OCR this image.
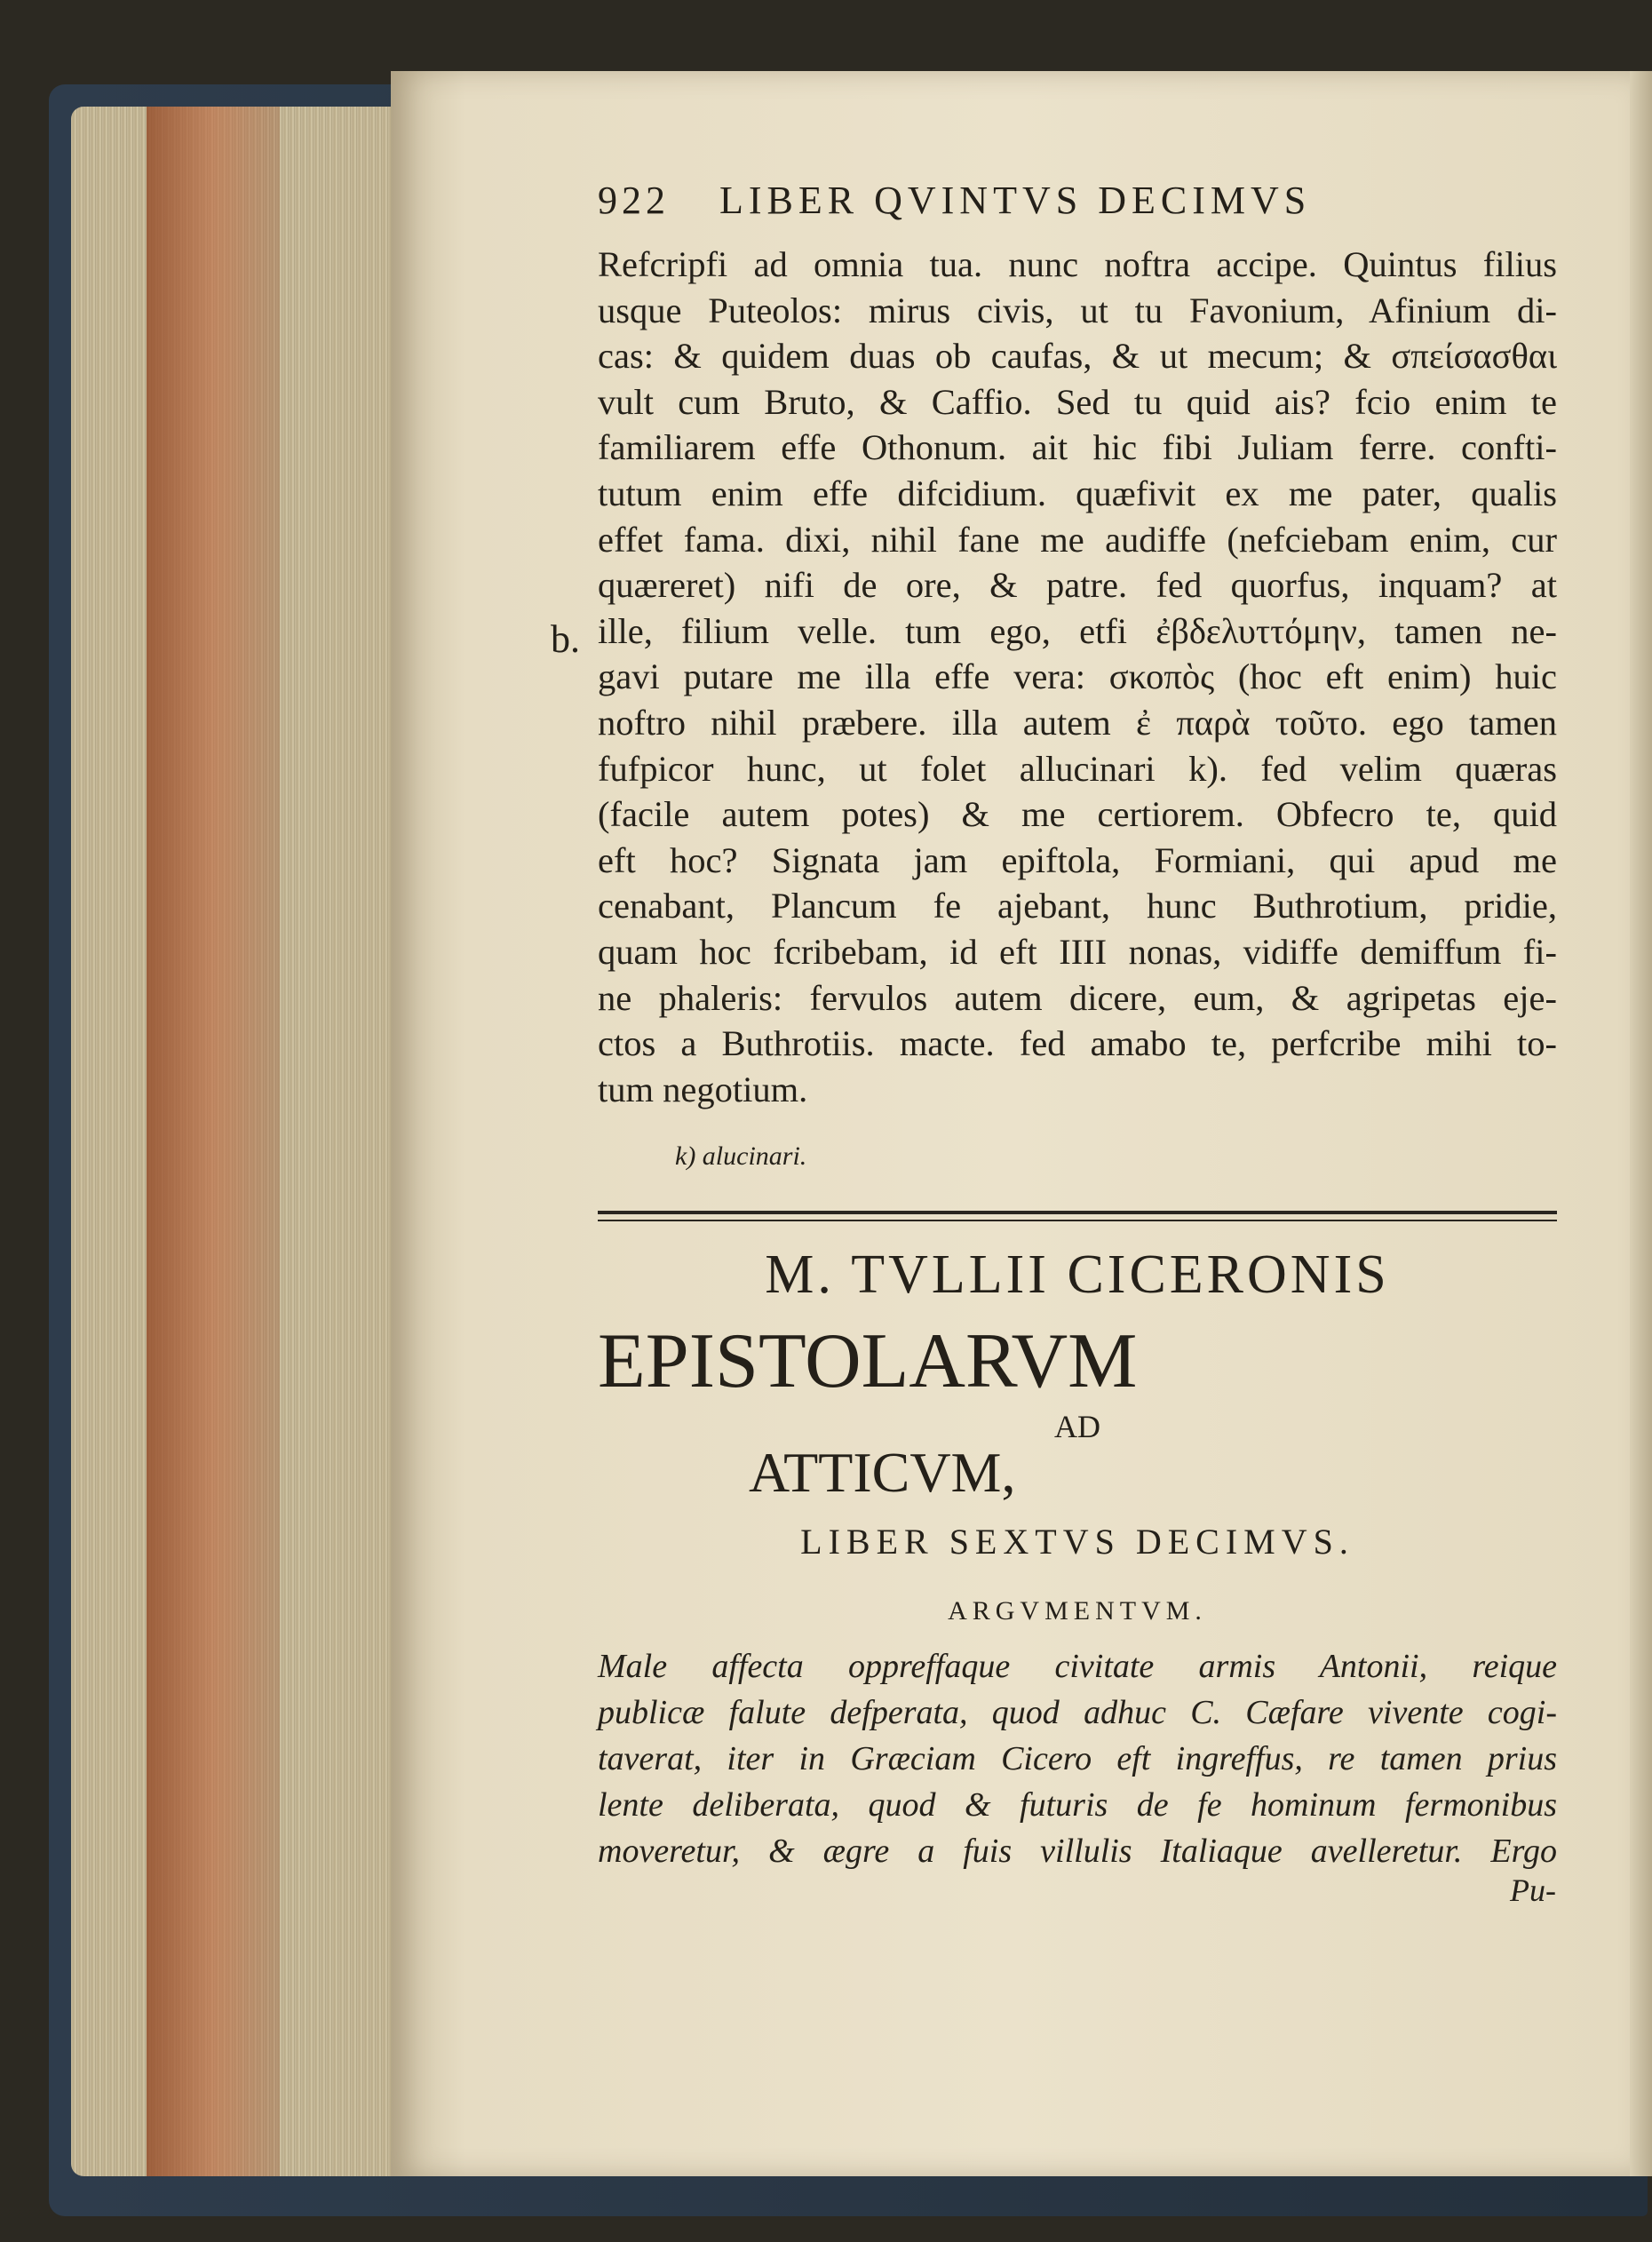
922 LIBER QVINTVS DECIMVS
Refcripfi ad omnia tua. nunc noftra accipe. Quintus filius
usque Puteolos: mirus civis, ut tu Favonium, Afinium di-
cas: & quidem duas ob caufas, & ut mecum; & σπείσασθαι
vult cum Bruto, & Caffio. Sed tu quid ais? fcio enim te
familiarem effe Othonum. ait hic fibi Juliam ferre. confti-
tutum enim effe difcidium. quæfivit ex me pater, qualis
effet fama. dixi, nihil fane me audiffe (nefciebam enim, cur
quæreret) nifi de ore, & patre. fed quorfus, inquam? at
ille, filium velle. tum ego, etfi ἐβδελυττόμην, tamen ne-
gavi putare me illa effe vera: σκοπὸς (hoc eft enim) huic
noftro nihil præbere. illa autem ἐ παρὰ τοῦτο. ego tamen
fufpicor hunc, ut folet allucinari k). fed velim quæras
(facile autem potes) & me certiorem. Obfecro te, quid
eft hoc? Signata jam epiftola, Formiani, qui apud me
cenabant, Plancum fe ajebant, hunc Buthrotium, pridie,
quam hoc fcribebam, id eft IIII nonas, vidiffe demiffum fi-
ne phaleris: fervulos autem dicere, eum, & agripetas eje-
ctos a Buthrotiis. macte. fed amabo te, perfcribe mihi to-
tum negotium.
b.
k) alucinari.
M. TVLLII CICERONIS
EPISTOLARVM
AD
ATTICVM,
LIBER SEXTVS DECIMVS.
ARGVMENTVM.
Male affecta oppreffaque civitate armis Antonii, reique
publicæ falute defperata, quod adhuc C. Cæfare vivente cogi-
taverat, iter in Græciam Cicero eft ingreffus, re tamen prius
lente deliberata, quod & futuris de fe hominum fermonibus
moveretur, & ægre a fuis villulis Italiaque avelleretur. Ergo
Pu-
